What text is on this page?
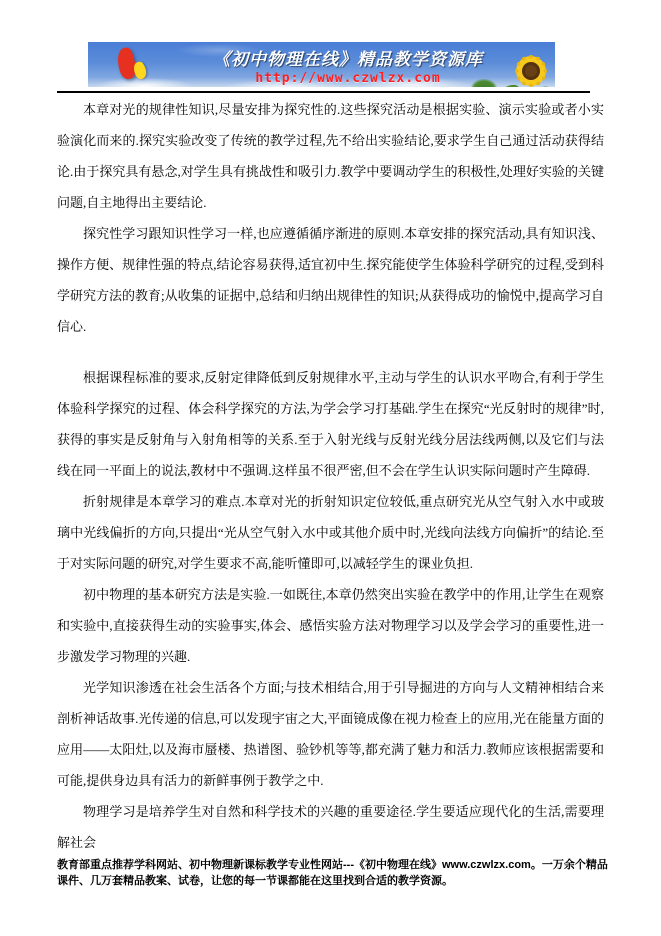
《初中物理在线》精品教学资源库
http://www.czwlzx.com

本章对光的规律性知识,尽量安排为探究性的.这些探究活动是根据实验、演示实验或者小实验演化而来的.探究实验改变了传统的教学过程,先不给出实验结论,要求学生自己通过活动获得结论.由于探究具有悬念,对学生具有挑战性和吸引力.教学中要调动学生的积极性,处理好实验的关键问题,自主地得出主要结论.

探究性学习跟知识性学习一样,也应遵循循序渐进的原则.本章安排的探究活动,具有知识浅、操作方便、规律性强的特点,结论容易获得,适宜初中生.探究能使学生体验科学研究的过程,受到科学研究方法的教育;从收集的证据中,总结和归纳出规律性的知识;从获得成功的愉悦中,提高学习自信心.

根据课程标准的要求,反射定律降低到反射规律水平,主动与学生的认识水平吻合,有利于学生体验科学探究的过程、体会科学探究的方法,为学会学习打基础.学生在探究“光反射时的规律”时,获得的事实是反射角与入射角相等的关系.至于入射光线与反射光线分居法线两侧,以及它们与法线在同一平面上的说法,教材中不强调.这样虽不很严密,但不会在学生认识实际问题时产生障碍.

折射规律是本章学习的难点.本章对光的折射知识定位较低,重点研究光从空气射入水中或玻璃中光线偏折的方向,只提出“光从空气射入水中或其他介质中时,光线向法线方向偏折”的结论.至于对实际问题的研究,对学生要求不高,能听懂即可,以减轻学生的课业负担.

初中物理的基本研究方法是实验.一如既往,本章仍然突出实验在教学中的作用,让学生在观察和实验中,直接获得生动的实验事实,体会、感悟实验方法对物理学习以及学会学习的重要性,进一步激发学习物理的兴趣.

光学知识渗透在社会生活各个方面;与技术相结合,用于引导掘进的方向与人文精神相结合来剖析神话故事.光传递的信息,可以发现宇宙之大,平面镜成像在视力检查上的应用,光在能量方面的应用——太阳灶,以及海市蜃楼、热谱图、验钞机等等,都充满了魅力和活力.教师应该根据需要和可能,提供身边具有活力的新鲜事例于教学之中.

物理学习是培养学生对自然和科学技术的兴趣的重要途径.学生要适应现代化的生活,需要理解社会

教育部重点推荐学科网站、初中物理新课标教学专业性网站---《初中物理在线》www.czwlzx.com。一万余个精品课件、几万套精品教案、试卷，让您的每一节课都能在这里找到合适的教学资源。
